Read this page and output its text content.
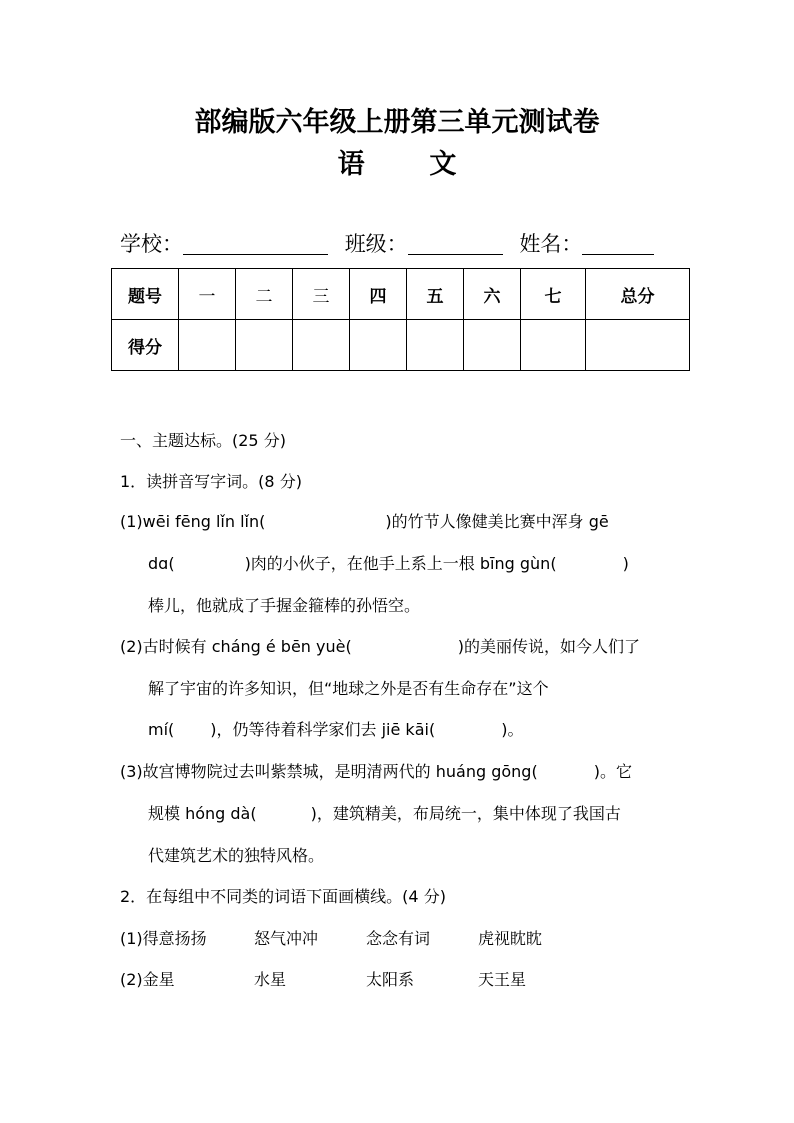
部编版六年级上册第三单元测试卷
语 文
学校：	班级：	姓名：
题号	一	二	三	四	五	六	七	总分
得分								
一、主题达标。(25 分)
1．读拼音写字词。(8 分)
(1)wēi fēng lǐn lǐn(	)的竹节人像健美比赛中浑身 gē
dɑ(	)肉的小伙子，在他手上系上一根 bīng gùn(	)
棒儿，他就成了手握金箍棒的孙悟空。
(2)古时候有 cháng é bēn yuè(	)的美丽传说，如今人们了
解了宇宙的许多知识，但“地球之外是否有生命存在”这个
mí( )，仍等待着科学家们去 jiē kāi(	)。
(3)故宫博物院过去叫紫禁城，是明清两代的 huáng gōng(	)。它
规模 hóng dà(	)，建筑精美，布局统一，集中体现了我国古
代建筑艺术的独特风格。
2．在每组中不同类的词语下面画横线。(4 分)
(1)得意扬扬	怒气冲冲	念念有词	虎视眈眈
(2)金星	水星	太阳系	天王星
